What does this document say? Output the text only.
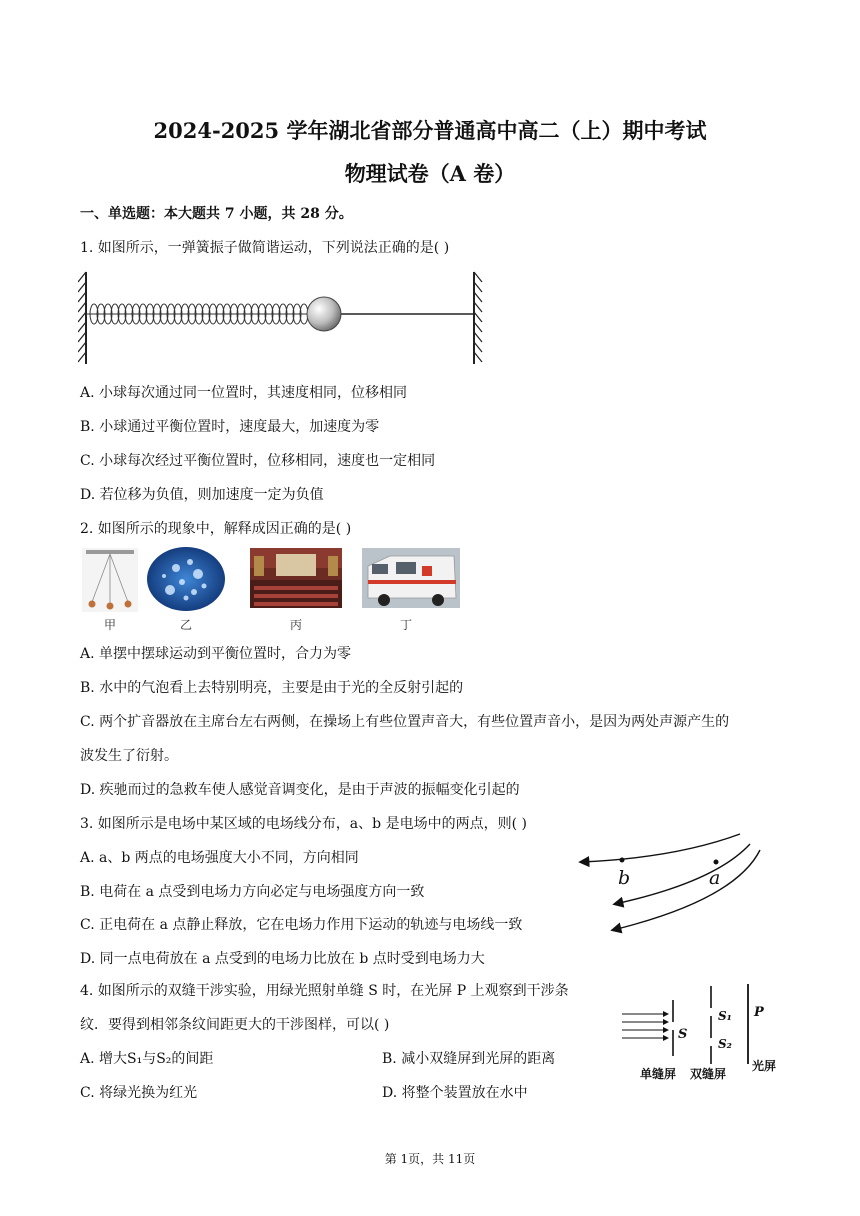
2024-2025 学年湖北省部分普通高中高二（上）期中考试
物理试卷（A 卷）
一、单选题：本大题共 7 小题，共 28 分。
1. 如图所示，一弹簧振子做简谐运动，下列说法正确的是( )
A. 小球每次通过同一位置时，其速度相同，位移相同
B. 小球通过平衡位置时，速度最大，加速度为零
C. 小球每次经过平衡位置时，位移相同，速度也一定相同
D. 若位移为负值，则加速度一定为负值
2. 如图所示的现象中，解释成因正确的是( )
甲	乙	丙	丁
A. 单摆中摆球运动到平衡位置时，合力为零
B. 水中的气泡看上去特别明亮，主要是由于光的全反射引起的
C. 两个扩音器放在主席台左右两侧，在操场上有些位置声音大，有些位置声音小，是因为两处声源产生的
波发生了衍射。
D. 疾驰而过的急救车使人感觉音调变化，是由于声波的振幅变化引起的
3. 如图所示是电场中某区域的电场线分布，a、b 是电场中的两点，则( )
A. a、b 两点的电场强度大小不同，方向相同
B. 电荷在 a 点受到电场力方向必定与电场强度方向一致
C. 正电荷在 a 点静止释放，它在电场力作用下运动的轨迹与电场线一致
D. 同一点电荷放在 a 点受到的电场力比放在 b 点时受到电场力大
b	a
4. 如图所示的双缝干涉实验，用绿光照射单缝 S 时，在光屏 P 上观察到干涉条
纹．要得到相邻条纹间距更大的干涉图样，可以( )
A. 增大S₁与S₂的间距	B. 减小双缝屏到光屏的距离
C. 将绿光换为红光	D. 将整个装置放在水中
S
S₁
S₂
P
单缝屏 双缝屏
光屏
第 1页，共 11页
